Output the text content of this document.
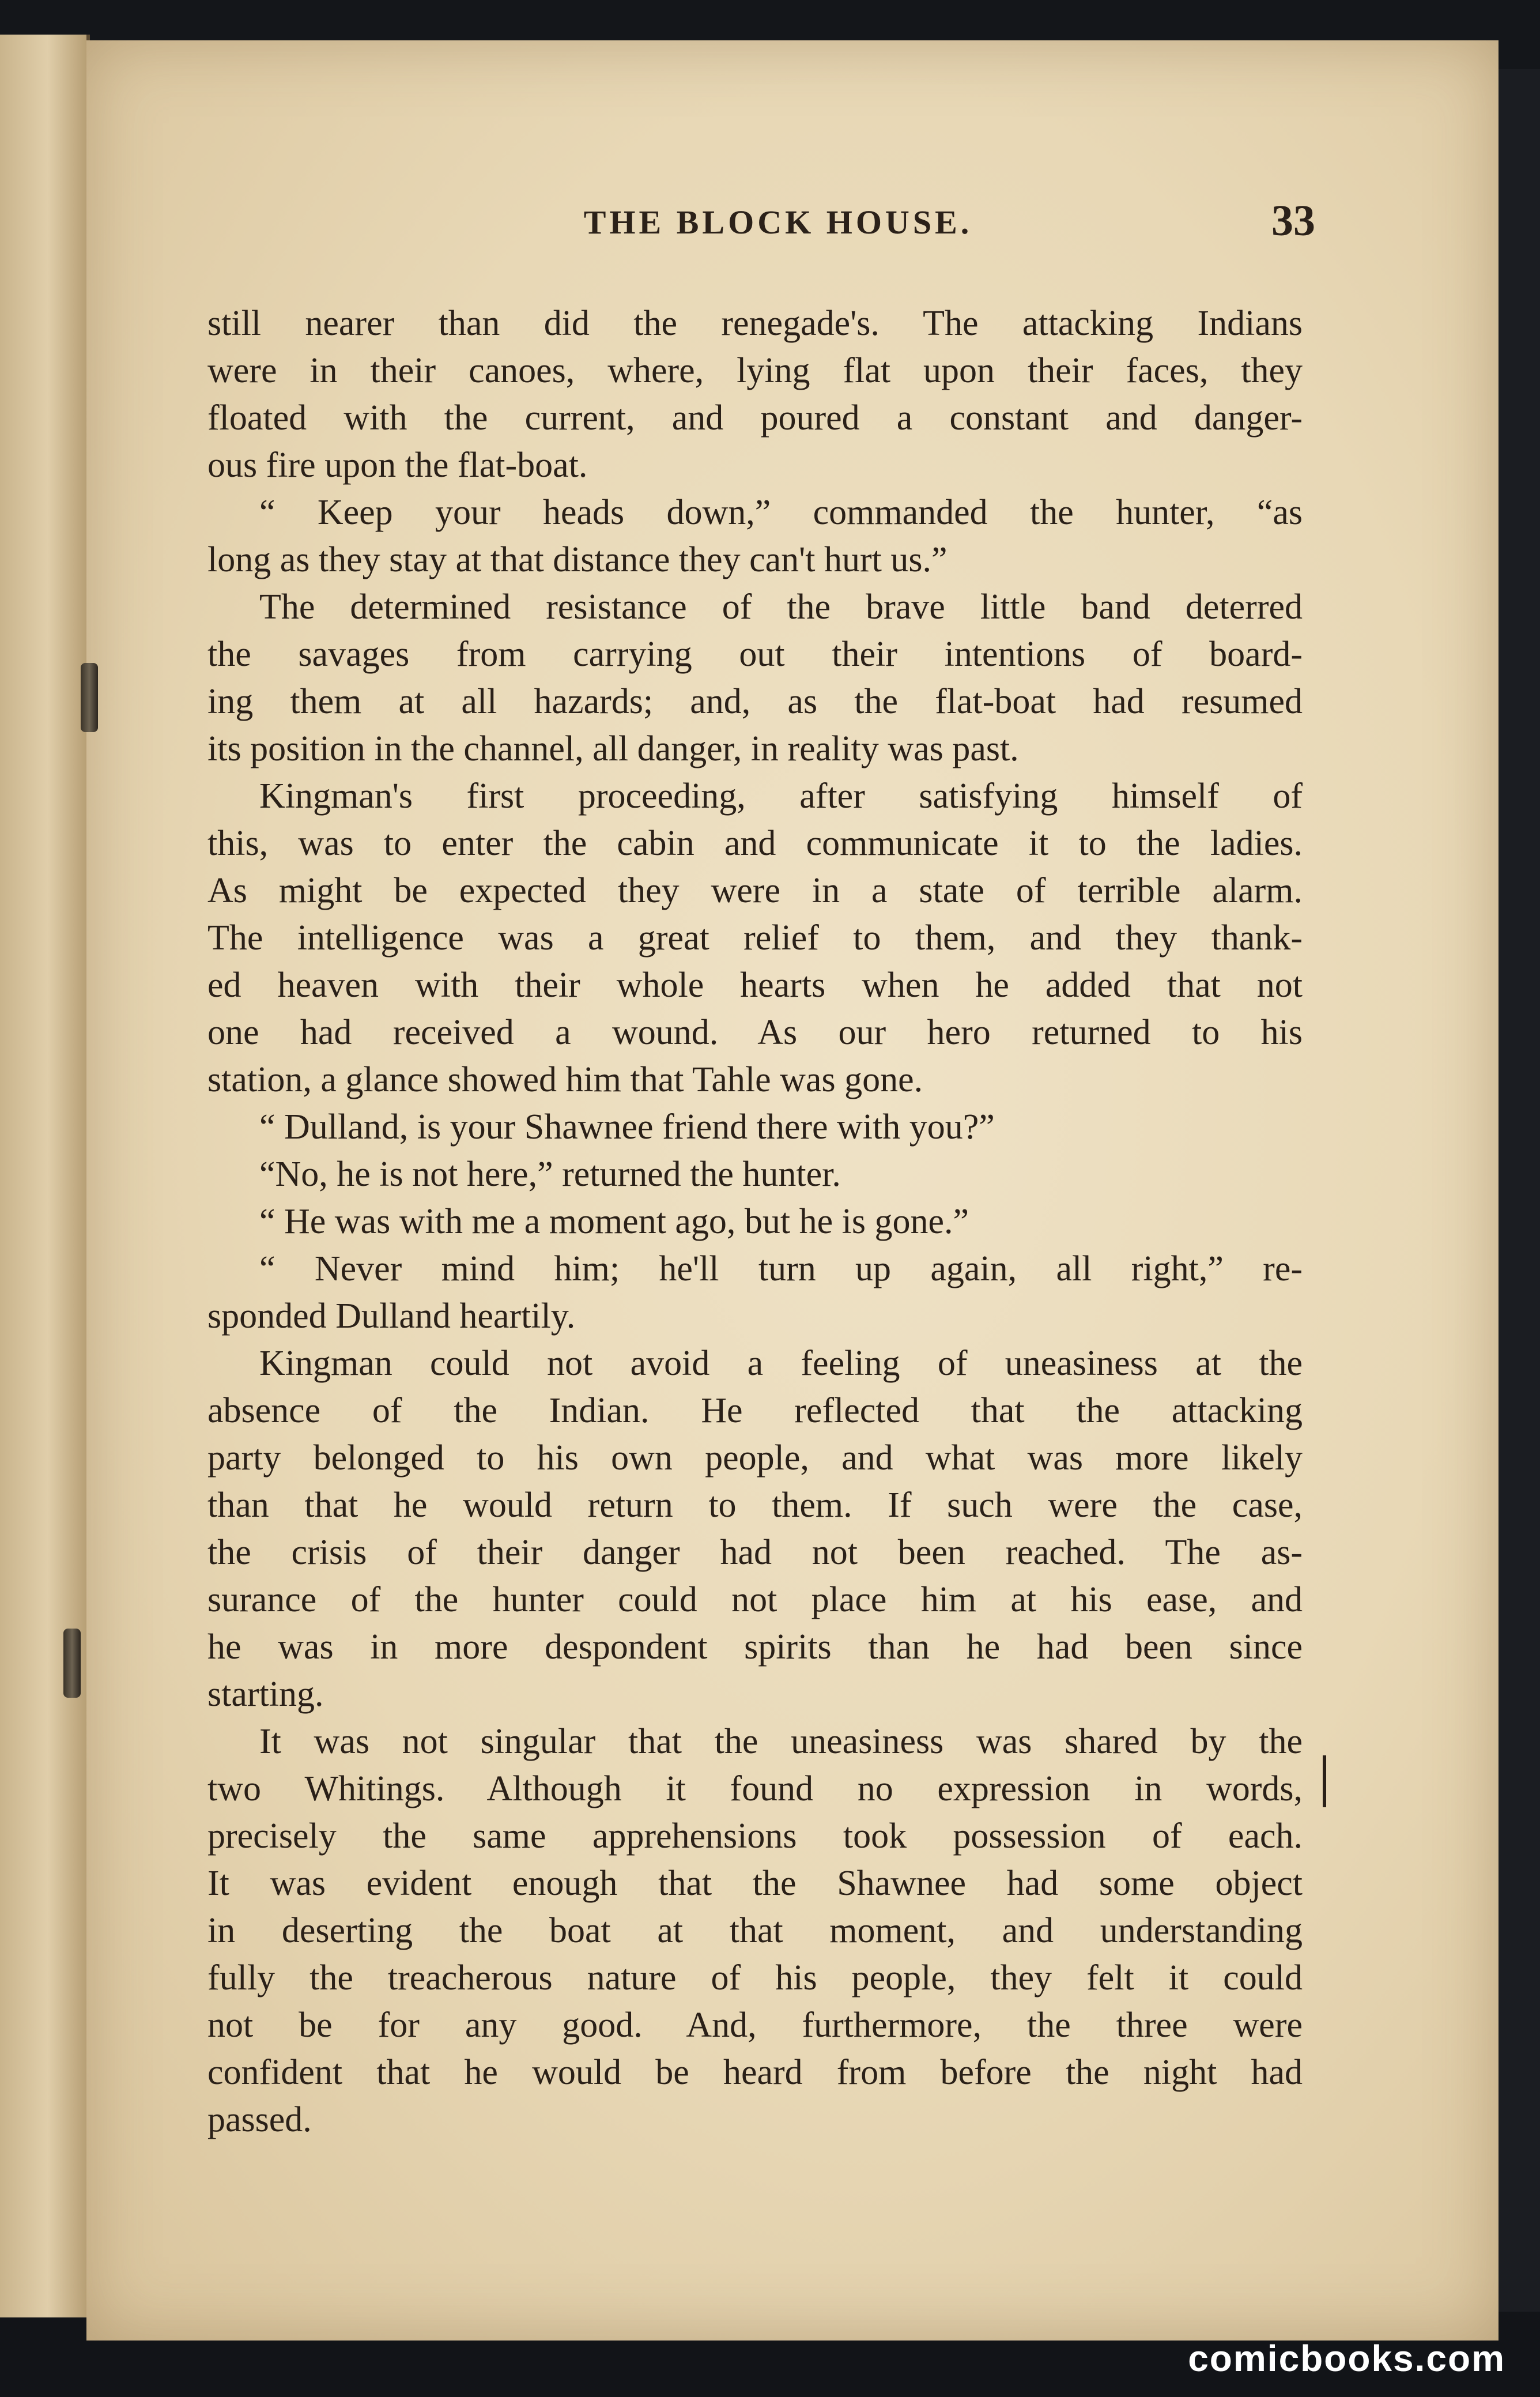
THE BLOCK HOUSE.	33
still nearer than did the renegade's. The attacking Indians
were in their canoes, where, lying flat upon their faces, they
floated with the current, and poured a constant and danger-
ous fire upon the flat-boat.
“ Keep your heads down,” commanded the hunter, “as
long as they stay at that distance they can't hurt us.”
The determined resistance of the brave little band deterred
the savages from carrying out their intentions of board-
ing them at all hazards; and, as the flat-boat had resumed
its position in the channel, all danger, in reality was past.
Kingman's first proceeding, after satisfying himself of
this, was to enter the cabin and communicate it to the ladies.
As might be expected they were in a state of terrible alarm.
The intelligence was a great relief to them, and they thank-
ed heaven with their whole hearts when he added that not
one had received a wound. As our hero returned to his
station, a glance showed him that Tahle was gone.
“ Dulland, is your Shawnee friend there with you?”
“No, he is not here,” returned the hunter.
“ He was with me a moment ago, but he is gone.”
“ Never mind him; he'll turn up again, all right,” re-
sponded Dulland heartily.
Kingman could not avoid a feeling of uneasiness at the
absence of the Indian. He reflected that the attacking
party belonged to his own people, and what was more likely
than that he would return to them. If such were the case,
the crisis of their danger had not been reached. The as-
surance of the hunter could not place him at his ease, and
he was in more despondent spirits than he had been since
starting.
It was not singular that the uneasiness was shared by the
two Whitings. Although it found no expression in words,
precisely the same apprehensions took possession of each.
It was evident enough that the Shawnee had some object
in deserting the boat at that moment, and understanding
fully the treacherous nature of his people, they felt it could
not be for any good. And, furthermore, the three were
confident that he would be heard from before the night had
passed.
comicbooks.com
